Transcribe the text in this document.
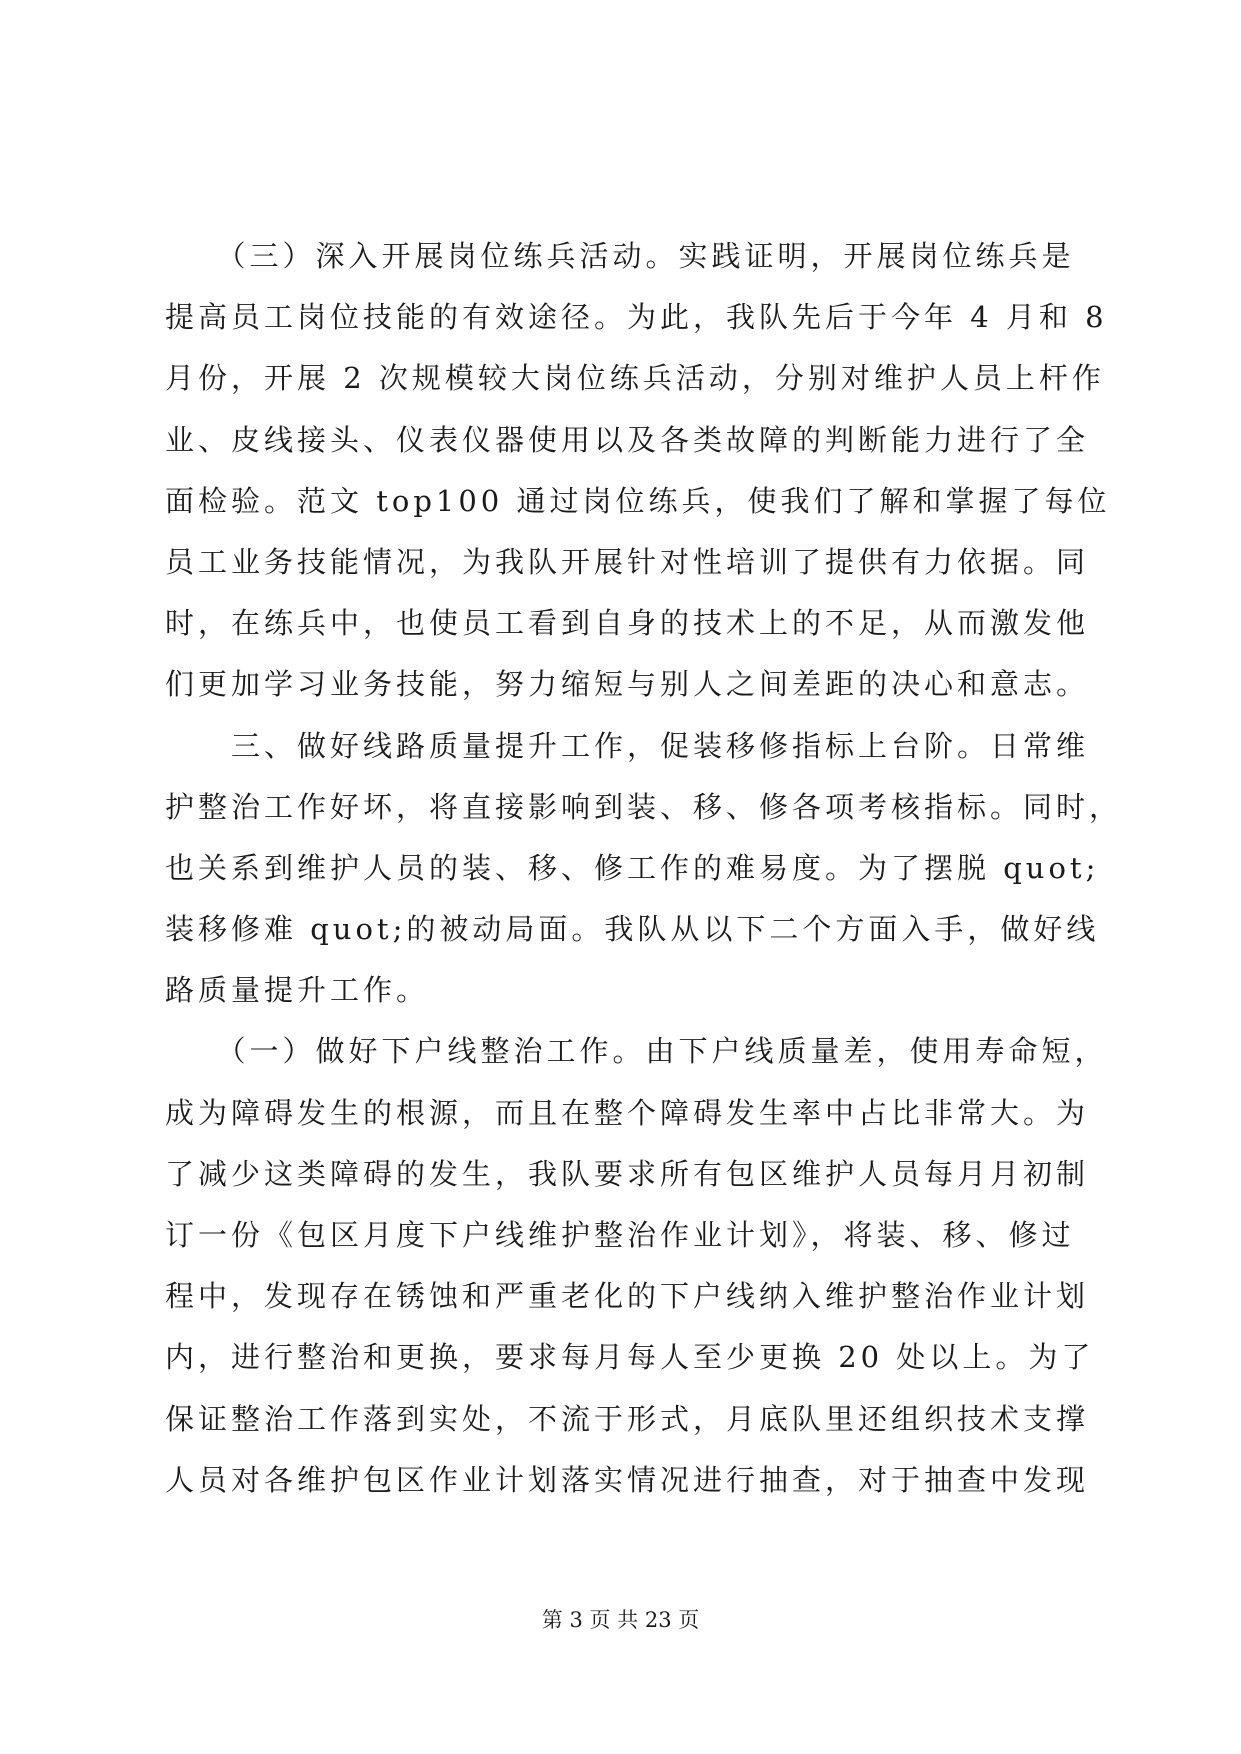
　　（三）深入开展岗位练兵活动。实践证明，开展岗位练兵是
提高员工岗位技能的有效途径。为此，我队先后于今年 4 月和 8
月份，开展 2 次规模较大岗位练兵活动，分别对维护人员上杆作
业、皮线接头、仪表仪器使用以及各类故障的判断能力进行了全
面检验。范文 top100 通过岗位练兵，使我们了解和掌握了每位
员工业务技能情况，为我队开展针对性培训了提供有力依据。同
时，在练兵中，也使员工看到自身的技术上的不足，从而激发他
们更加学习业务技能，努力缩短与别人之间差距的决心和意志。
　　三、做好线路质量提升工作，促装移修指标上台阶。日常维
护整治工作好坏，将直接影响到装、移、修各项考核指标。同时，
也关系到维护人员的装、移、修工作的难易度。为了摆脱 quot;
装移修难 quot;的被动局面。我队从以下二个方面入手，做好线
路质量提升工作。
　　（一）做好下户线整治工作。由下户线质量差，使用寿命短，
成为障碍发生的根源，而且在整个障碍发生率中占比非常大。为
了减少这类障碍的发生，我队要求所有包区维护人员每月月初制
订一份《包区月度下户线维护整治作业计划》，将装、移、修过
程中，发现存在锈蚀和严重老化的下户线纳入维护整治作业计划
内，进行整治和更换，要求每月每人至少更换 20 处以上。为了
保证整治工作落到实处，不流于形式，月底队里还组织技术支撑
人员对各维护包区作业计划落实情况进行抽查，对于抽查中发现
第 3 页 共 23 页
